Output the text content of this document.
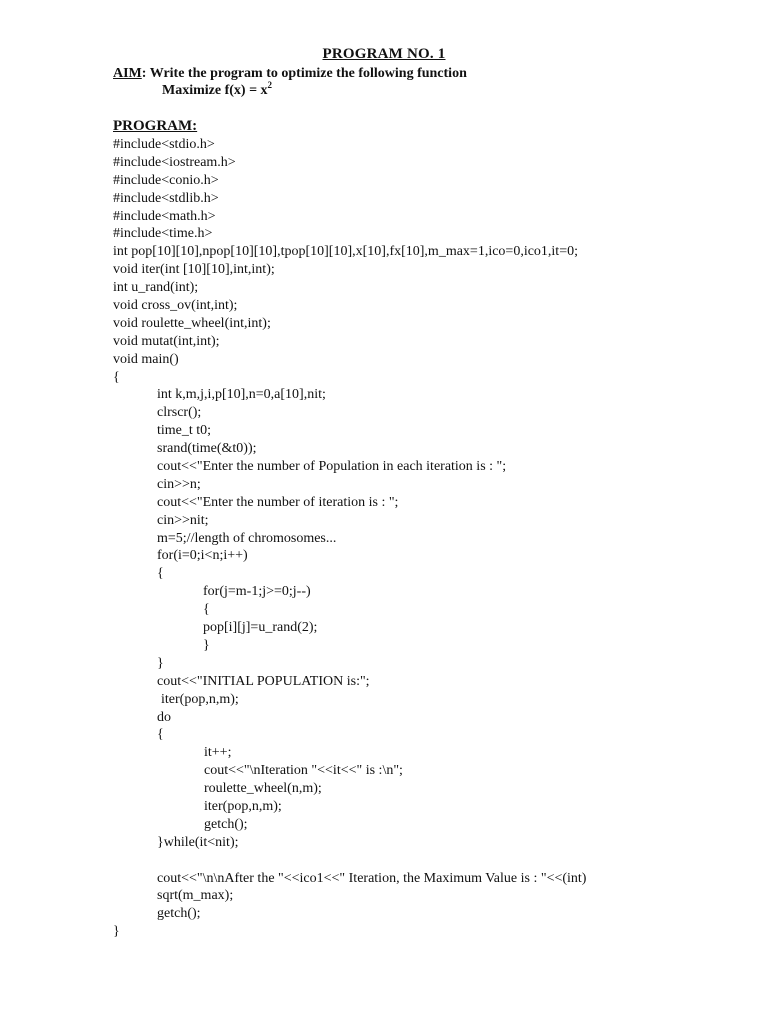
PROGRAM NO. 1
AIM: Write the program to optimize the following function
Maximize $f(x) = x^2$
PROGRAM:
#include<stdio.h>
#include<iostream.h>
#include<conio.h>
#include<stdlib.h>
#include<math.h>
#include<time.h>
int pop[10][10],npop[10][10],tpop[10][10],x[10],fx[10],m_max=1,ico=0,ico1,it=0;
void iter(int [10][10],int,int);
int u_rand(int);
void cross_ov(int,int);
void roulette_wheel(int,int);
void mutat(int,int);
void main()
{
int k,m,j,i,p[10],n=0,a[10],nit;
clrscr();
time_t t0;
srand(time(&t0));
cout<<"Enter the number of Population in each iteration is : ";
cin>>n;
cout<<"Enter the number of iteration is : ";
cin>>nit;
m=5;//length of chromosomes...
for(i=0;i<n;i++)
{
for(j=m-1;j>=0;j--)
{
pop[i][j]=u_rand(2);
}
}
cout<<"INITIAL POPULATION is:";
iter(pop,n,m);
do
{
it++;
cout<<"\nIteration "<<it<<" is :\n";
roulette_wheel(n,m);
iter(pop,n,m);
getch();
}while(it<nit);
cout<<"\n\nAfter the "<<ico1<<" Iteration, the Maximum Value is : "<<(int)
sqrt(m_max);
getch();
}
